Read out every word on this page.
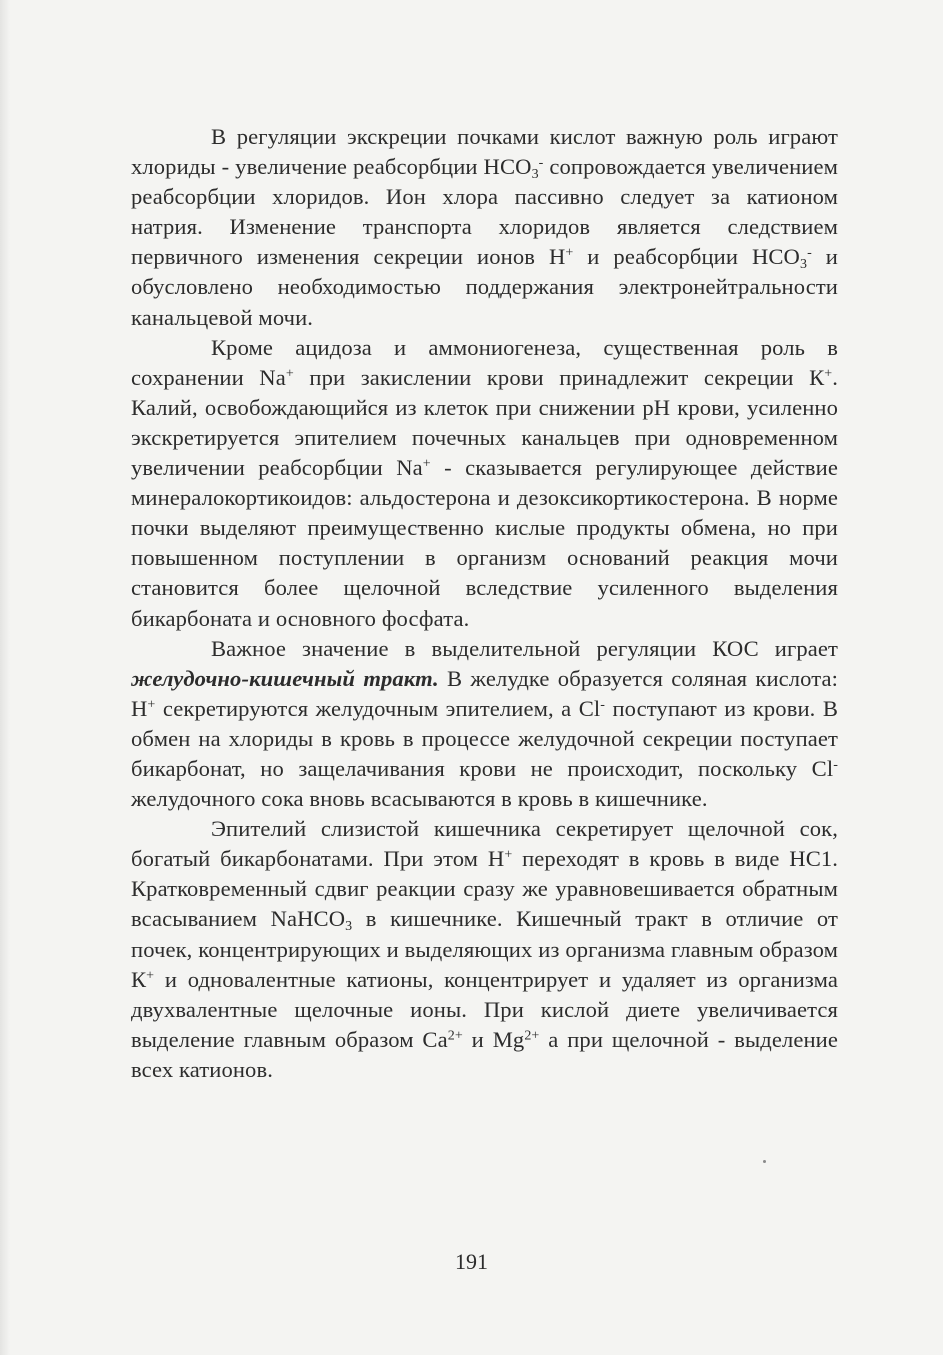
В регуляции экскреции почками кислот важную роль играют хлориды - увеличение реабсорбции $НСО_3^-$ сопровождается увеличением реабсорбции хлоридов. Ион хлора пассивно следует за катионом натрия. Изменение транспорта хлоридов является следствием первичного изменения секреции ионов Н+ и реабсорбции $НСО_3^-$ и обусловлено необходимостью поддержания электронейтральности канальцевой мочи.

Кроме ацидоза и аммониогенеза, существенная роль в сохранении Na+ при закислении крови принадлежит секреции К+. Калий, освобождающийся из клеток при снижении рН крови, усиленно экскретируется эпителием почечных канальцев при одновременном увеличении реабсорбции Na+ - сказывается регулирующее действие минералокортикоидов: альдостерона и дезоксикортикостерона. В норме почки выделяют преимущественно кислые продукты обмена, но при повышенном поступлении в организм оснований реакция мочи становится более щелочной вследствие усиленного выделения бикарбоната и основного фосфата.

Важное значение в выделительной регуляции КОС играет желудочно-кишечный тракт. В желудке образуется соляная кислота: Н+ секретируются желудочным эпителием, а Cl- поступают из крови. В обмен на хлориды в кровь в процессе желудочной секреции поступает бикарбонат, но защелачивания крови не происходит, поскольку Cl- желудочного сока вновь всасываются в кровь в кишечнике.

Эпителий слизистой кишечника секретирует щелочной сок, богатый бикарбонатами. При этом Н+ переходят в кровь в виде НС1. Кратковременный сдвиг реакции сразу же уравновешивается обратным всасыванием NaHCO$_3$ в кишечнике. Кишечный тракт в отличие от почек, концентрирующих и выделяющих из организма главным образом К+ и одновалентные катионы, концентрирует и удаляет из организма двухвалентные щелочные ионы. При кислой диете увеличивается выделение главным образом $Са^{2+}$ и $Mg^{2+}$ а при щелочной - выделение всех катионов.

191
